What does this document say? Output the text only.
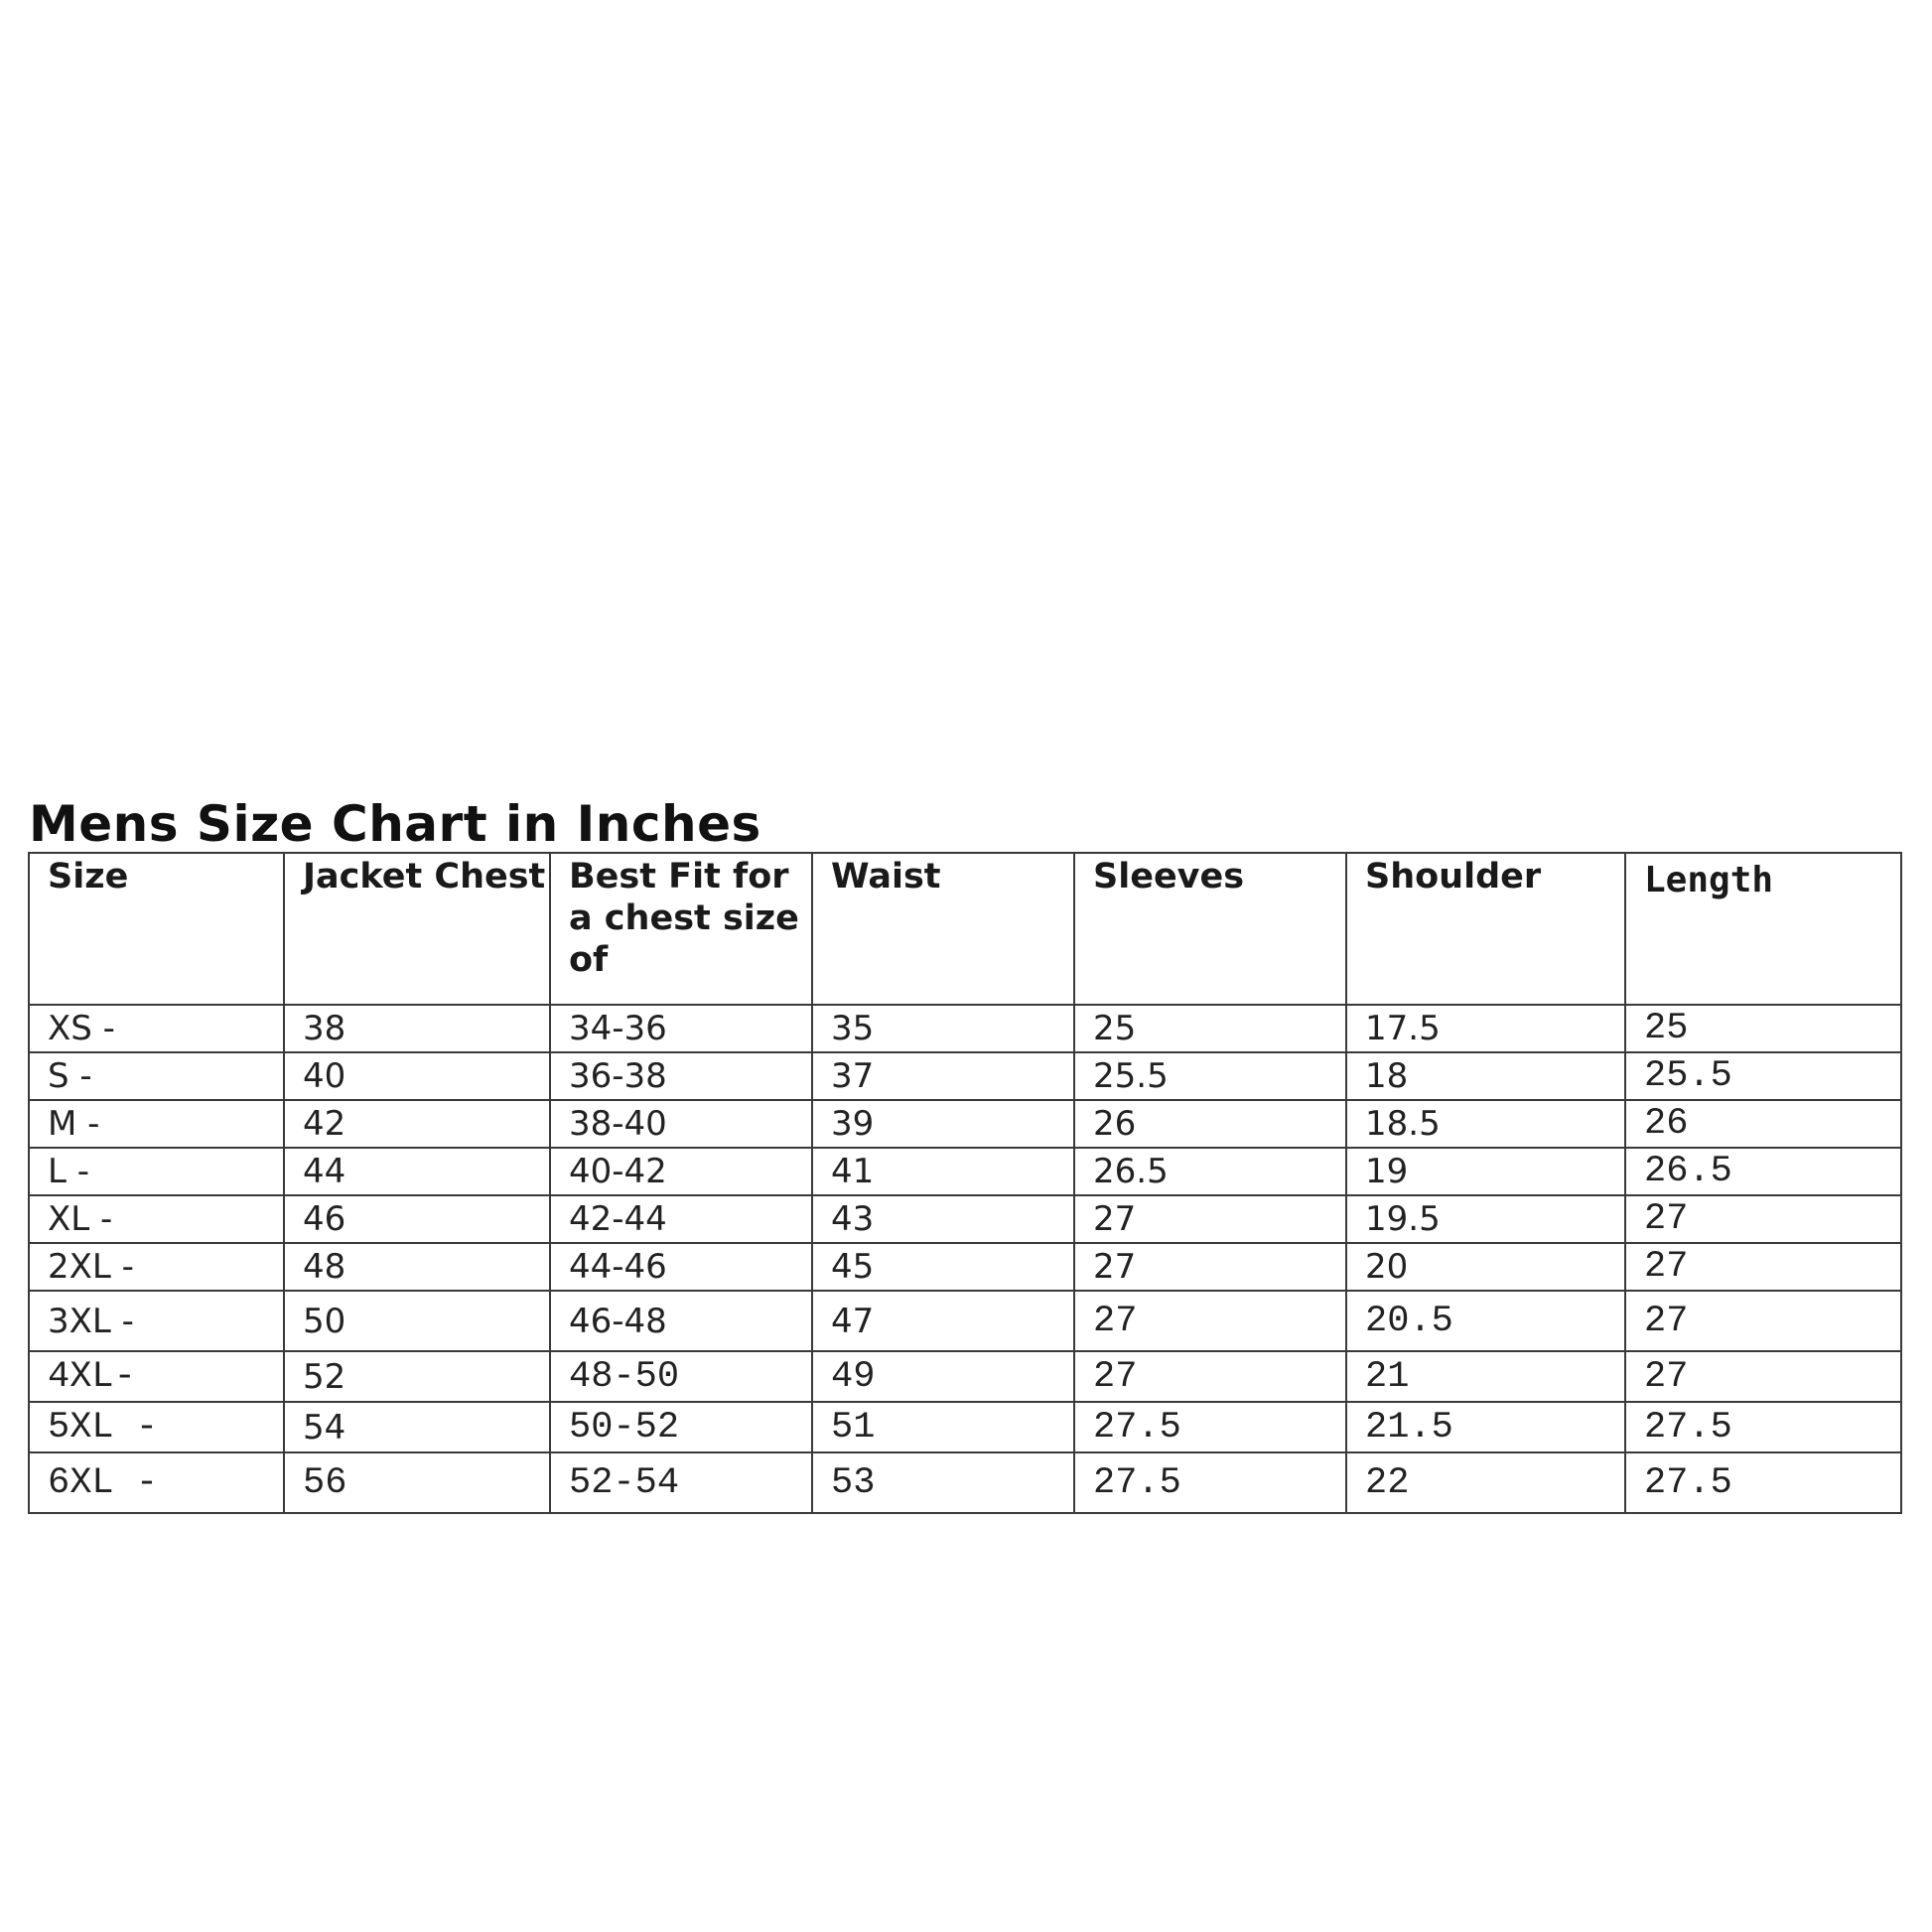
Mens Size Chart in Inches
Size	Jacket Chest	Best Fit for a chest size of	Waist	Sleeves	Shoulder	Length
XS -	38	34-36	35	25	17.5	25
S -	40	36-38	37	25.5	18	25.5
M -	42	38-40	39	26	18.5	26
L -	44	40-42	41	26.5	19	26.5
XL -	46	42-44	43	27	19.5	27
2XL -	48	44-46	45	27	20	27
3XL -	50	46-48	47	27	20.5	27
4XL-	52	48-50	49	27	21	27
5XL -	54	50-52	51	27.5	21.5	27.5
6XL -	56	52-54	53	27.5	22	27.5
